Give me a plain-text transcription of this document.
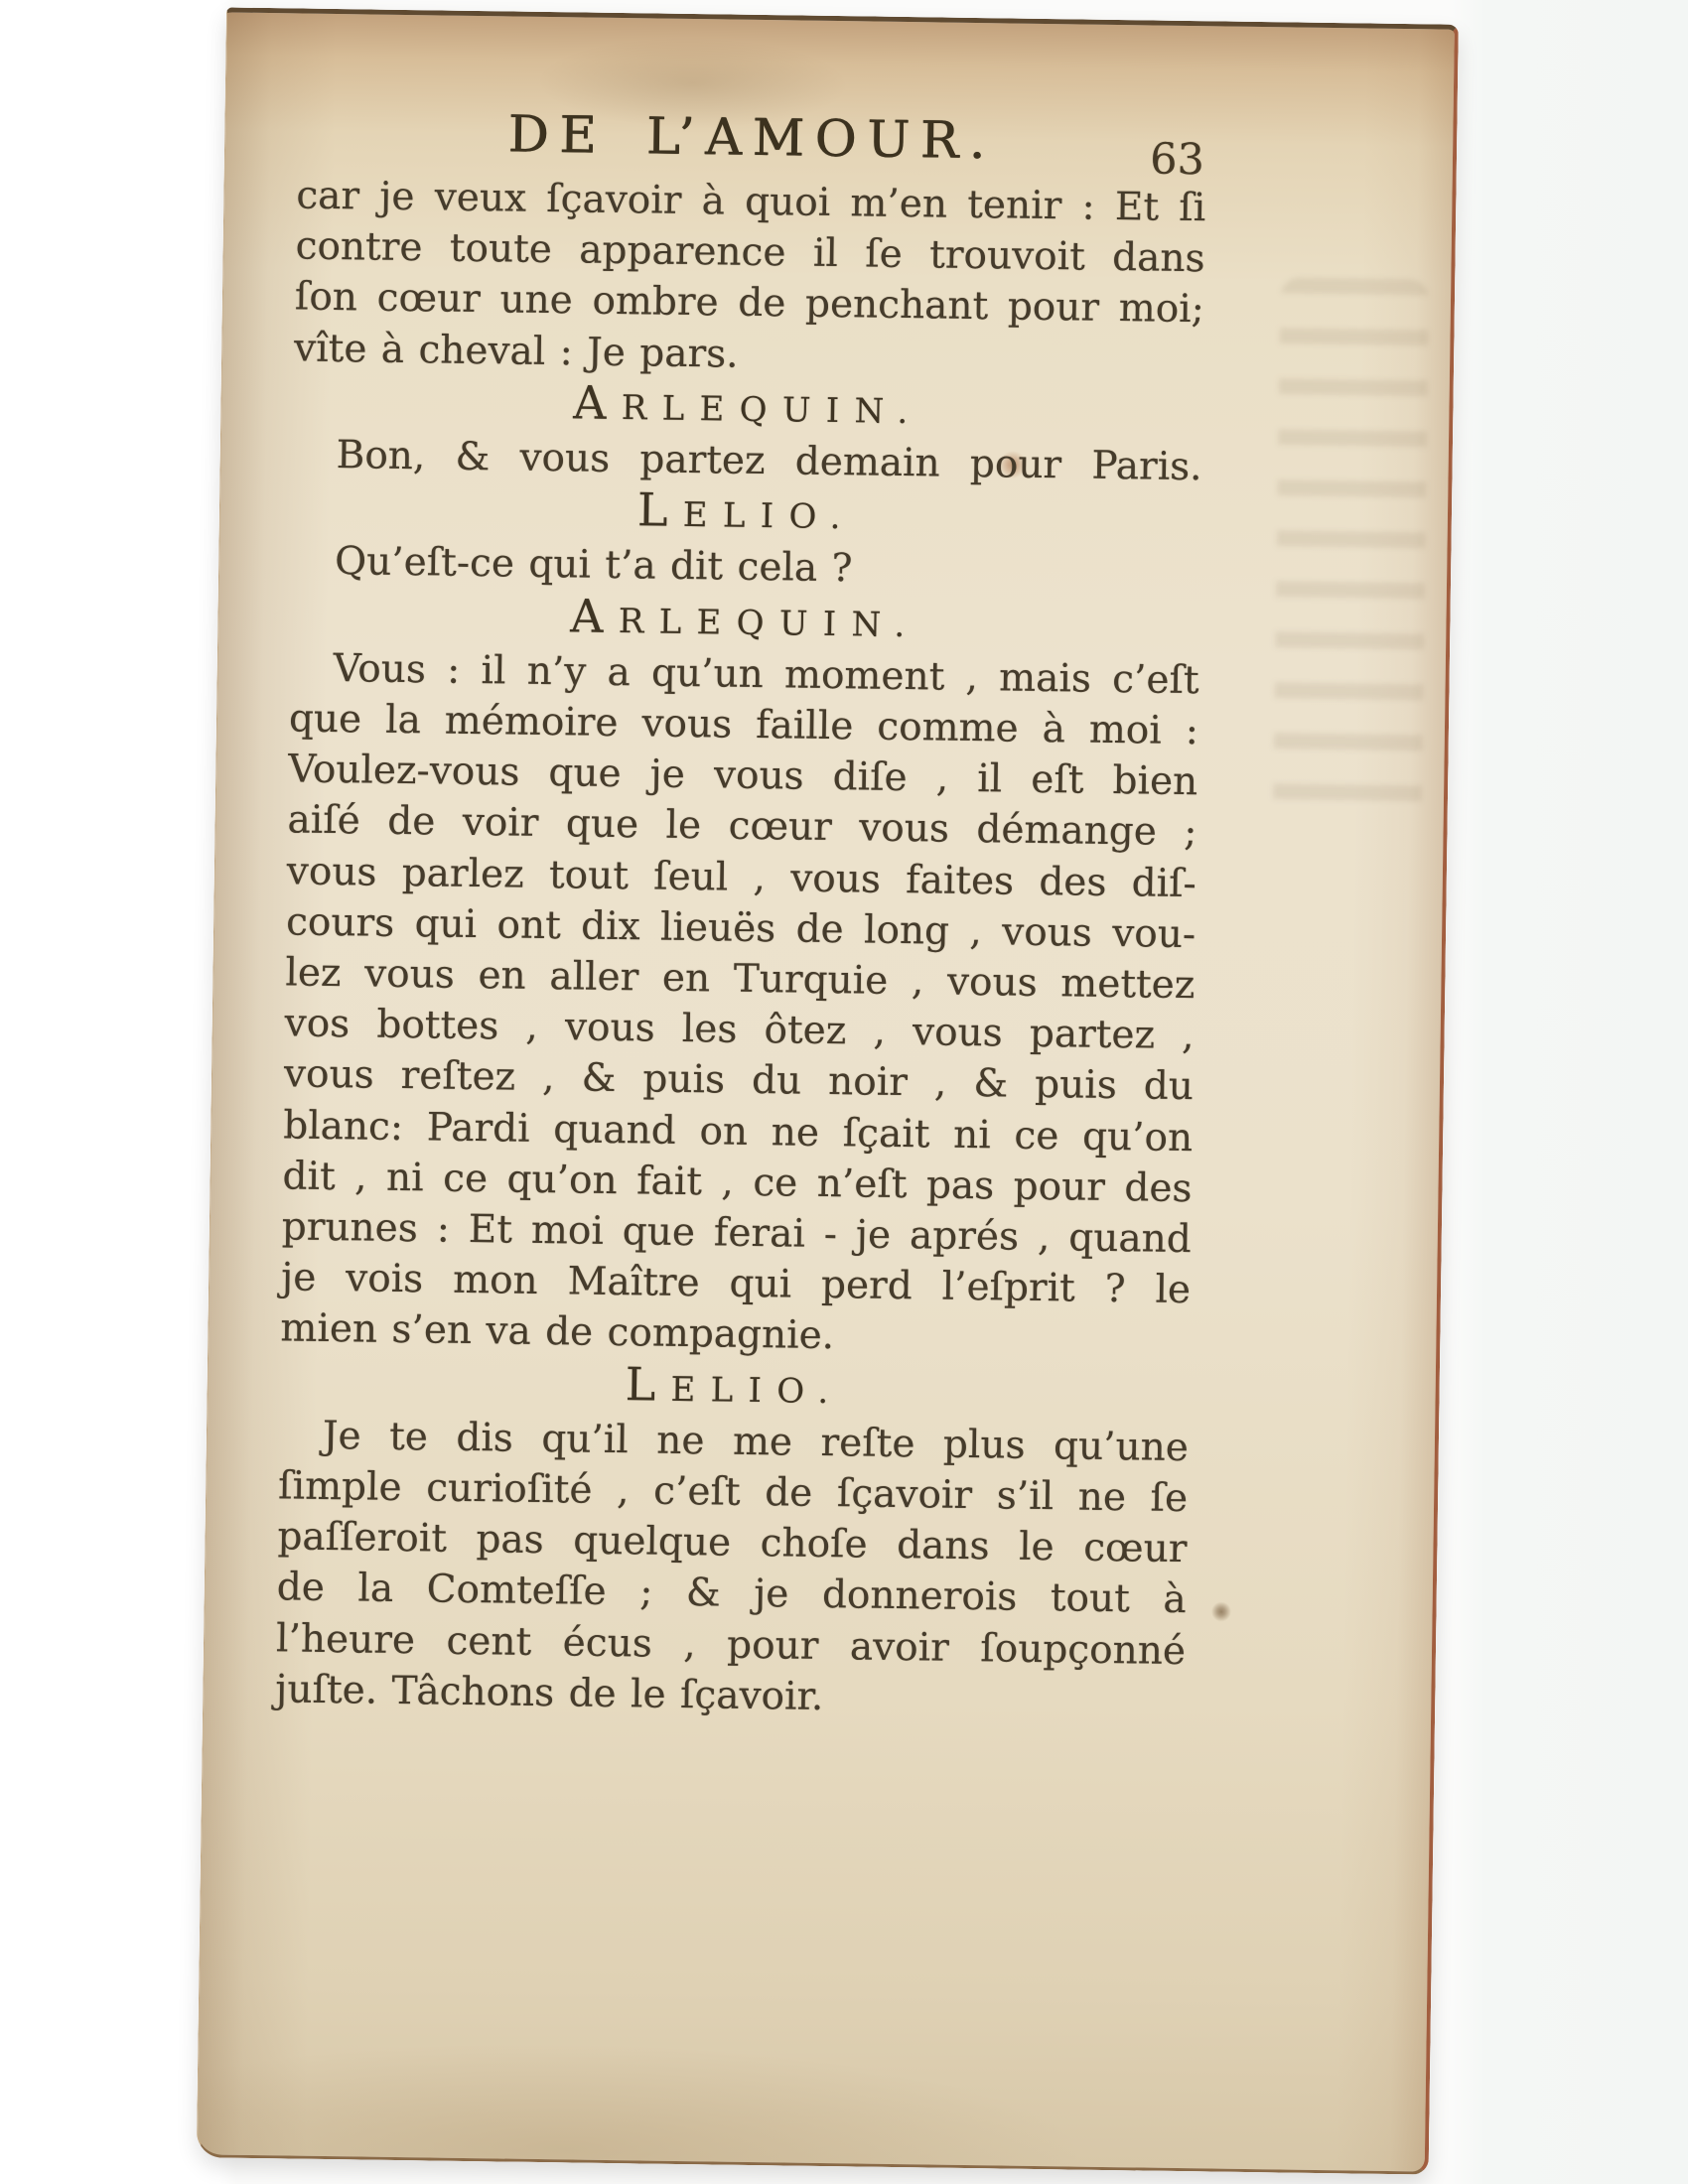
DE L’AMOUR.	63
car je veux ſçavoir à quoi m’en tenir : Et ſi
contre toute apparence il ſe trouvoit dans
ſon cœur une ombre de penchant pour moi;
vîte à cheval : Je pars.
ARLEQUIN.
Bon, & vous partez demain pour Paris.
LELIO.
Qu’eſt-ce qui t’a dit cela ?
ARLEQUIN.
Vous : il n’y a qu’un moment , mais c’eſt
que la mémoire vous faille comme à moi :
Voulez-vous que je vous diſe , il eſt bien
aiſé de voir que le cœur vous démange ;
vous parlez tout ſeul , vous faites des diſ-
cours qui ont dix lieuës de long , vous vou-
lez vous en aller en Turquie , vous mettez
vos bottes , vous les ôtez , vous partez ,
vous reſtez , & puis du noir , & puis du
blanc: Pardi quand on ne ſçait ni ce qu’on
dit , ni ce qu’on fait , ce n’eſt pas pour des
prunes : Et moi que ferai - je aprés , quand
je vois mon Maître qui perd l’eſprit ? le
mien s’en va de compagnie.
LELIO.
Je te dis qu’il ne me reſte plus qu’une
ſimple curioſité , c’eſt de ſçavoir s’il ne ſe
paſſeroit pas quelque choſe dans le cœur
de la Comteſſe ; & je donnerois tout à
l’heure cent écus , pour avoir ſoupçonné
juſte. Tâchons de le ſçavoir.
